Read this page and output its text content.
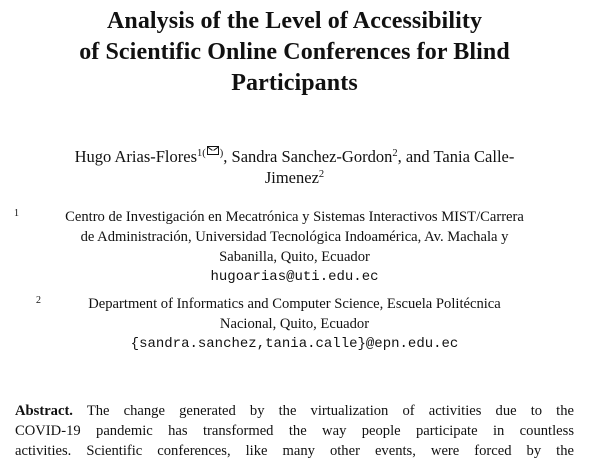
Analysis of the Level of Accessibility
of Scientific Online Conferences for Blind
Participants
Hugo Arias-Flores$^{1( )}$, Sandra Sanchez-Gordon$^2$, and Tania Calle-
Jimenez$^2$
1	Centro de Investigación en Mecatrónica y Sistemas Interactivos MIST/Carrera
de Administración, Universidad Tecnológica Indoamérica, Av. Machala y
Sabanilla, Quito, Ecuador
hugoarias@uti.edu.ec
2	Department of Informatics and Computer Science, Escuela Politécnica
Nacional, Quito, Ecuador
{sandra.sanchez,tania.calle}@epn.edu.ec
Abstract. The change generated by the virtualization of activities due to the
COVID-19 pandemic has transformed the way people participate in countless
activities. Scientific conferences, like many other events, were forced by the
